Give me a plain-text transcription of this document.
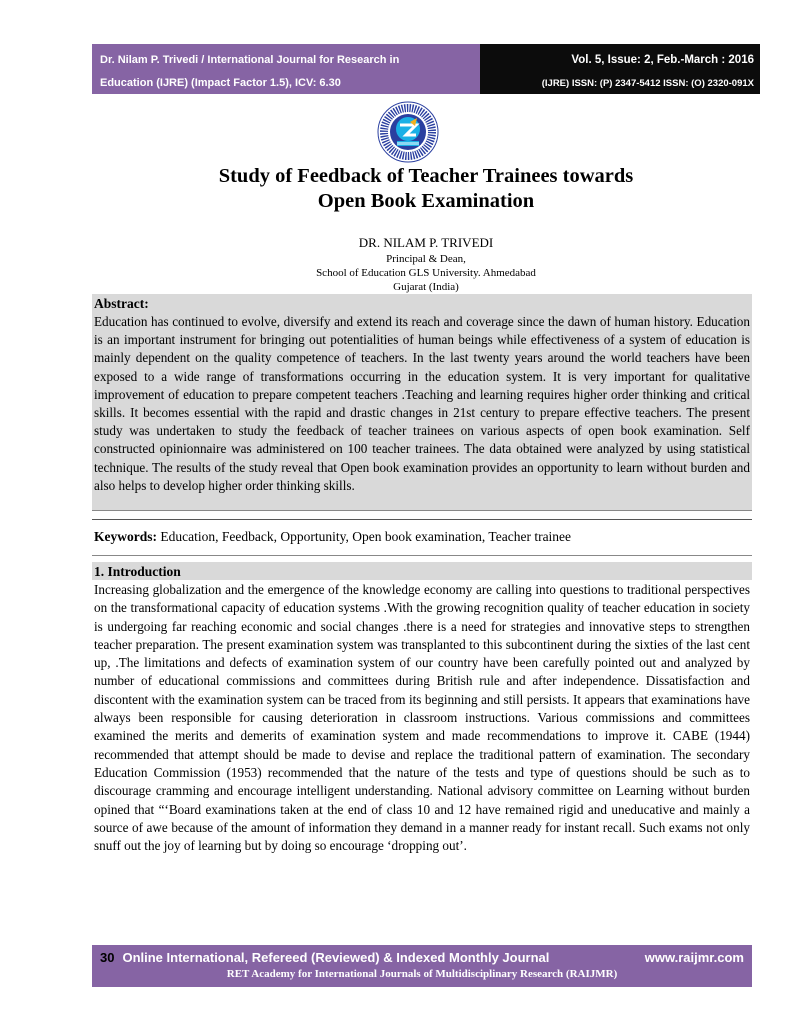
Dr. Nilam P. Trivedi / International Journal for Research in
Education (IJRE) (Impact Factor 1.5), ICV: 6.30
Vol. 5, Issue: 2, Feb.-March : 2016
(IJRE) ISSN: (P) 2347-5412 ISSN: (O) 2320-091X
Study of Feedback of Teacher Trainees towards
Open Book Examination
DR. NILAM P. TRIVEDI
Principal & Dean,
School of Education GLS University. Ahmedabad
Gujarat (India)
Abstract:
Education has continued to evolve, diversify and extend its reach and coverage since the dawn of human history. Education is an important instrument for bringing out potentialities of human beings while effectiveness of a system of education is mainly dependent on the quality competence of teachers. In the last twenty years around the world teachers have been exposed to a wide range of transformations occurring in the education system. It is very important for qualitative improvement of education to prepare competent teachers .Teaching and learning requires higher order thinking and critical skills. It becomes essential with the rapid and drastic changes in 21st century to prepare effective teachers. The present study was undertaken to study the feedback of teacher trainees on various aspects of open book examination. Self constructed opinionnaire was administered on 100 teacher trainees. The data obtained were analyzed by using statistical technique. The results of the study reveal that Open book examination provides an opportunity to learn without burden and also helps to develop higher order thinking skills.
Keywords: Education, Feedback, Opportunity, Open book examination, Teacher trainee
1. Introduction
Increasing globalization and the emergence of the knowledge economy are calling into questions to traditional perspectives on the transformational capacity of education systems .With the growing recognition quality of teacher education in society is undergoing far reaching economic and social changes .there is a need for strategies and innovative steps to strengthen teacher preparation. The present examination system was transplanted to this subcontinent during the sixties of the last cent up, .The limitations and defects of examination system of our country have been carefully pointed out and analyzed by number of educational commissions and committees during British rule and after independence. Dissatisfaction and discontent with the examination system can be traced from its beginning and still persists. It appears that examinations have always been responsible for causing deterioration in classroom instructions. Various commissions and committees examined the merits and demerits of examination system and made recommendations to improve it. CABE (1944) recommended that attempt should be made to devise and replace the traditional pattern of examination. The secondary Education Commission (1953) recommended that the nature of the tests and type of questions should be such as to discourage cramming and encourage intelligent understanding. National advisory committee on Learning without burden opined that “‘Board examinations taken at the end of class 10 and 12 have remained rigid and uneducative and mainly a source of awe because of the amount of information they demand in a manner ready for instant recall. Such exams not only snuff out the joy of learning but by doing so encourage ‘dropping out’.
30 Online International, Refereed (Reviewed) & Indexed Monthly Journal	www.raijmr.com
RET Academy for International Journals of Multidisciplinary Research (RAIJMR)
